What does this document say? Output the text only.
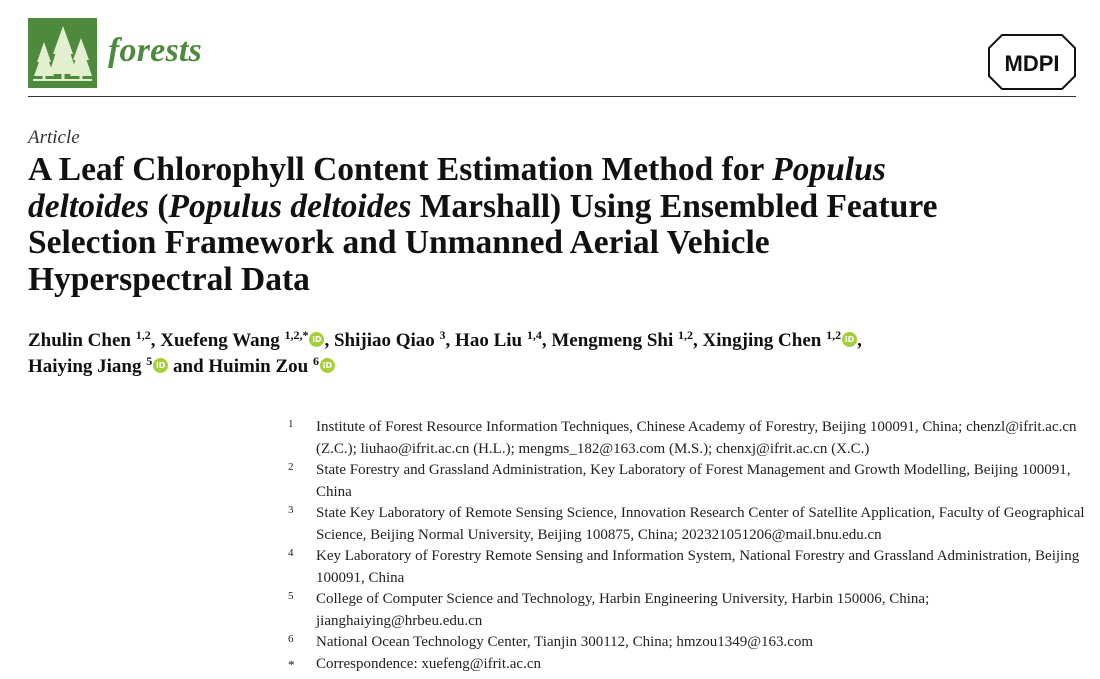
forests	MDPI
Article
A Leaf Chlorophyll Content Estimation Method for Populus
deltoides (Populus deltoides Marshall) Using Ensembled Feature
Selection Framework and Unmanned Aerial Vehicle
Hyperspectral Data
Zhulin Chen $^{1,2}$, Xuefeng Wang $^{1,2,*}$ iD , Shijiao Qiao $^3$, Hao Liu $^{1,4}$, Mengmeng Shi $^{1,2}$, Xingjing Chen $^{1,2}$ iD ,
Haiying Jiang $^5$ iD and Huimin Zou $^6$iD
1 Institute of Forest Resource Information Techniques, Chinese Academy of Forestry, Beijing 100091, China; chenzl@ifrit.ac.cn (Z.C.); liuhao@ifrit.ac.cn (H.L.); mengms_182@163.com (M.S.); chenxj@ifrit.ac.cn (X.C.)
2 State Forestry and Grassland Administration, Key Laboratory of Forest Management and Growth Modelling, Beijing 100091, China
3 State Key Laboratory of Remote Sensing Science, Innovation Research Center of Satellite Application, Faculty of Geographical Science, Beijing Normal University, Beijing 100875, China; 202321051206@mail.bnu.edu.cn
4 Key Laboratory of Forestry Remote Sensing and Information System, National Forestry and Grassland Administration, Beijing 100091, China
5 College of Computer Science and Technology, Harbin Engineering University, Harbin 150006, China; jianghaiying@hrbeu.edu.cn
6 National Ocean Technology Center, Tianjin 300112, China; hmzou1349@163.com
* Correspondence: xuefeng@ifrit.ac.cn
